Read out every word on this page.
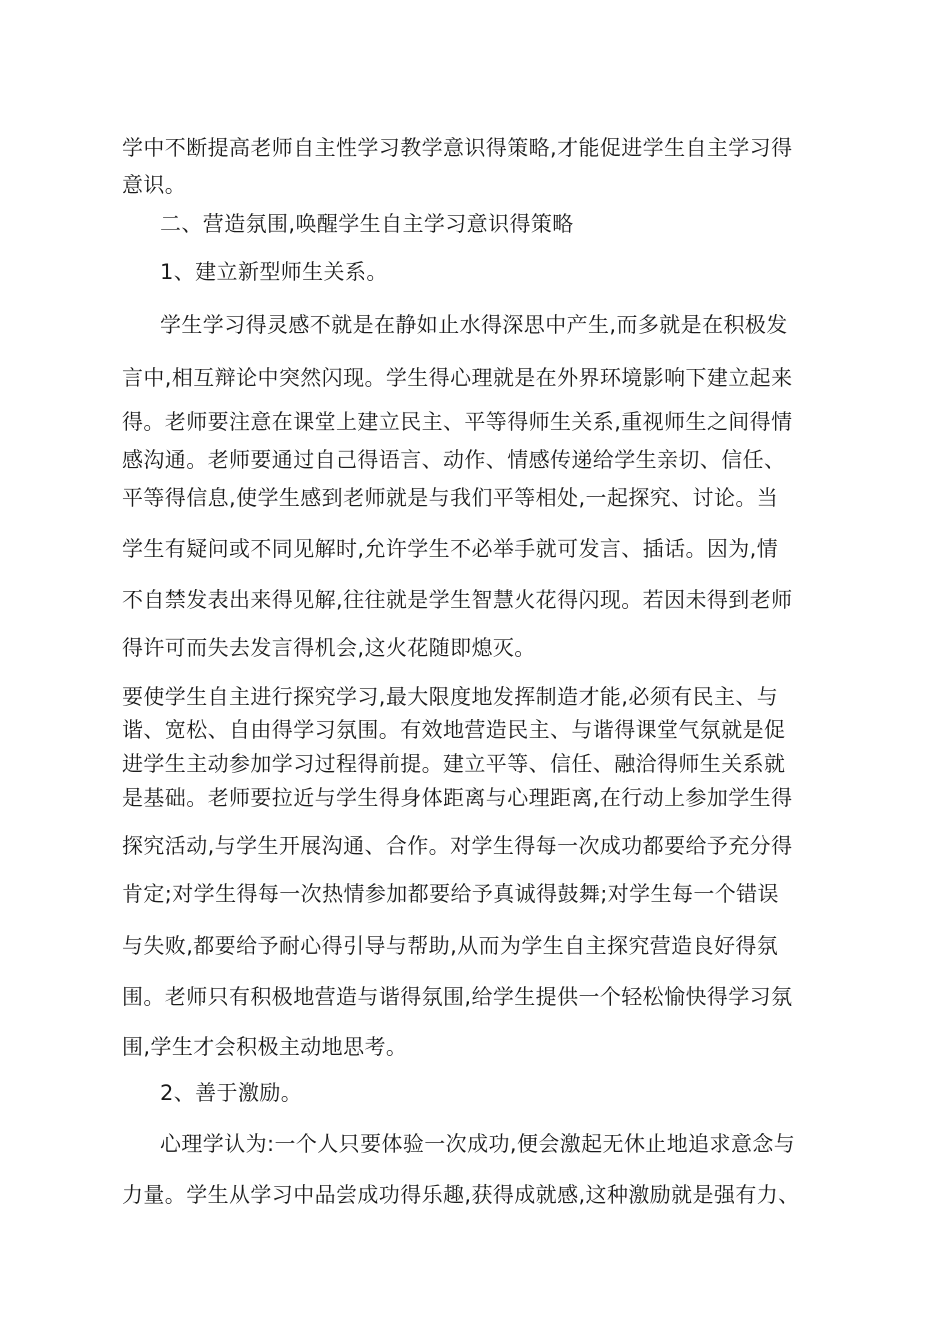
学中不断提高老师自主性学习教学意识得策略,才能促进学生自主学习得
意识。
二、营造氛围,唤醒学生自主学习意识得策略
1、建立新型师生关系。
学生学习得灵感不就是在静如止水得深思中产生,而多就是在积极发
言中,相互辩论中突然闪现。学生得心理就是在外界环境影响下建立起来
得。老师要注意在课堂上建立民主、平等得师生关系,重视师生之间得情
感沟通。老师要通过自己得语言、动作、情感传递给学生亲切、信任、
平等得信息,使学生感到老师就是与我们平等相处,一起探究、讨论。当
学生有疑问或不同见解时,允许学生不必举手就可发言、插话。因为,情
不自禁发表出来得见解,往往就是学生智慧火花得闪现。若因未得到老师
得许可而失去发言得机会,这火花随即熄灭。
要使学生自主进行探究学习,最大限度地发挥制造才能,必须有民主、与
谐、宽松、自由得学习氛围。有效地营造民主、与谐得课堂气氛就是促
进学生主动参加学习过程得前提。建立平等、信任、融洽得师生关系就
是基础。老师要拉近与学生得身体距离与心理距离,在行动上参加学生得
探究活动,与学生开展沟通、合作。对学生得每一次成功都要给予充分得
肯定;对学生得每一次热情参加都要给予真诚得鼓舞;对学生每一个错误
与失败,都要给予耐心得引导与帮助,从而为学生自主探究营造良好得氛
围。老师只有积极地营造与谐得氛围,给学生提供一个轻松愉快得学习氛
围,学生才会积极主动地思考。
2、善于激励。
心理学认为:一个人只要体验一次成功,便会激起无休止地追求意念与
力量。学生从学习中品尝成功得乐趣,获得成就感,这种激励就是强有力、
